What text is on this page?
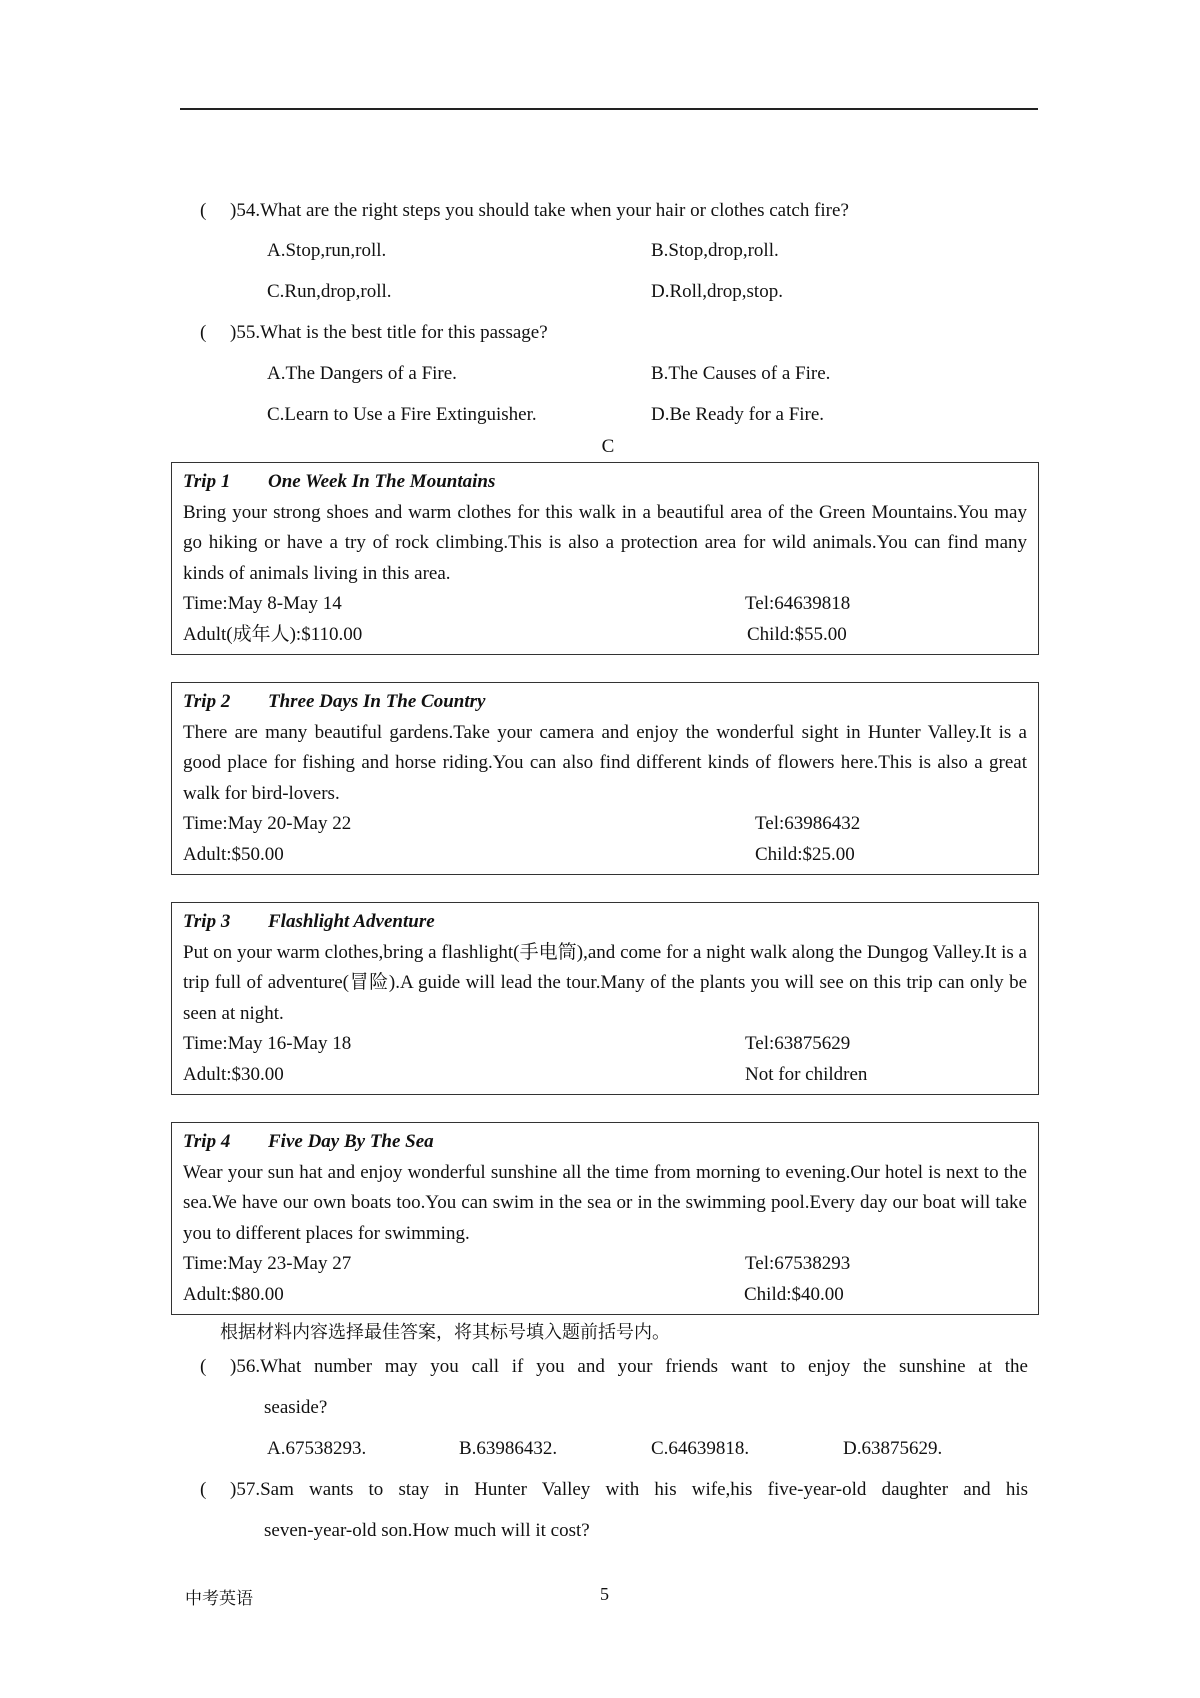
( )54.What are the right steps you should take when your hair or clothes catch fire?
A.Stop,run,roll.	B.Stop,drop,roll.
C.Run,drop,roll.	D.Roll,drop,stop.
( )55.What is the best title for this passage?
A.The Dangers of a Fire.	B.The Causes of a Fire.
C.Learn to Use a Fire Extinguisher.	D.Be Ready for a Fire.
C
Trip 1 One Week In The Mountains
Bring your strong shoes and warm clothes for this walk in a beautiful area of the Green Mountains.You may go hiking or have a try of rock climbing.This is also a protection area for wild animals.You can find many kinds of animals living in this area.
Time:May 8-May 14	Tel:64639818
Adult(成年人):$110.00	Child:$55.00
Trip 2 Three Days In The Country
There are many beautiful gardens.Take your camera and enjoy the wonderful sight in Hunter Valley.It is a good place for fishing and horse riding.You can also find different kinds of flowers here.This is also a great walk for bird-lovers.
Time:May 20-May 22	Tel:63986432
Adult:$50.00	Child:$25.00
Trip 3 Flashlight Adventure
Put on your warm clothes,bring a flashlight(手电筒),and come for a night walk along the Dungog Valley.It is a trip full of adventure(冒险).A guide will lead the tour.Many of the plants you will see on this trip can only be seen at night.
Time:May 16-May 18	Tel:63875629
Adult:$30.00	Not for children
Trip 4 Five Day By The Sea
Wear your sun hat and enjoy wonderful sunshine all the time from morning to evening.Our hotel is next to the sea.We have our own boats too.You can swim in the sea or in the swimming pool.Every day our boat will take you to different places for swimming.
Time:May 23-May 27	Tel:67538293
Adult:$80.00	Child:$40.00
根据材料内容选择最佳答案，将其标号填入题前括号内。
( )56.What number may you call if you and your friends want to enjoy the sunshine at the
seaside?
A.67538293.	B.63986432.	C.64639818.	D.63875629.
( )57.Sam wants to stay in Hunter Valley with his wife,his five-year-old daughter and his
seven-year-old son.How much will it cost?
中考英语	5
